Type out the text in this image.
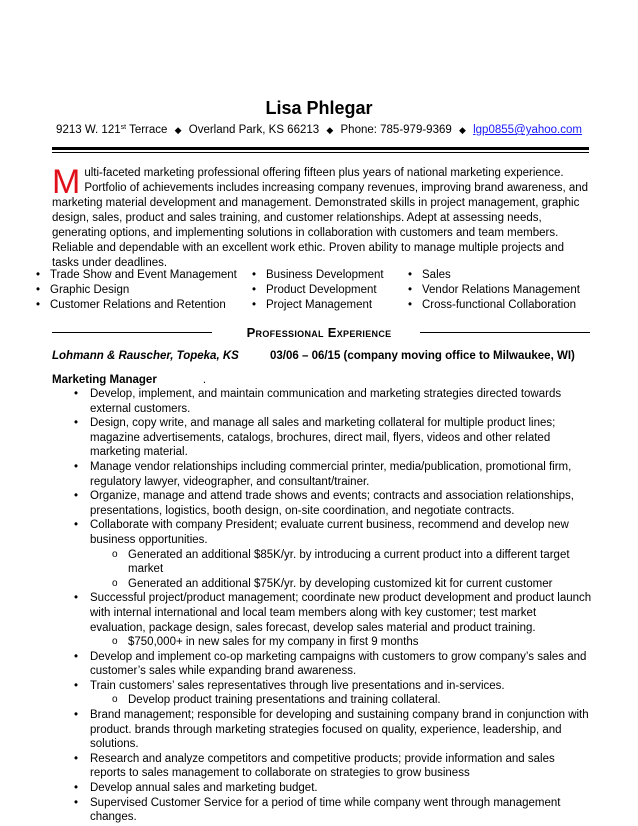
Lisa Phlegar
9213 W. 121st Terrace ◆ Overland Park, KS 66213 ◆ Phone: 785-979-9369 ◆ lgp0855@yahoo.com
Multi-faceted marketing professional offering fifteen plus years of national marketing experience. Portfolio of achievements includes increasing company revenues, improving brand awareness, and marketing material development and management. Demonstrated skills in project management, graphic design, sales, product and sales training, and customer relationships. Adept at assessing needs, generating options, and implementing solutions in collaboration with customers and team members. Reliable and dependable with an excellent work ethic. Proven ability to manage multiple projects and tasks under deadlines.
• Trade Show and Event Management
• Graphic Design
• Customer Relations and Retention
• Business Development
• Product Development
• Project Management
• Sales
• Vendor Relations Management
• Cross-functional Collaboration
Professional Experience
Lohmann & Rauscher, Topeka, KS	03/06 – 06/15 (company moving office to Milwaukee, WI)
Marketing Manager	.
• Develop, implement, and maintain communication and marketing strategies directed towards external customers.
• Design, copy write, and manage all sales and marketing collateral for multiple product lines; magazine advertisements, catalogs, brochures, direct mail, flyers, videos and other related marketing material.
• Manage vendor relationships including commercial printer, media/publication, promotional firm, regulatory lawyer, videographer, and consultant/trainer.
• Organize, manage and attend trade shows and events; contracts and association relationships, presentations, logistics, booth design, on-site coordination, and negotiate contracts.
• Collaborate with company President; evaluate current business, recommend and develop new business opportunities.
o Generated an additional $85K/yr. by introducing a current product into a different target market
o Generated an additional $75K/yr. by developing customized kit for current customer
• Successful project/product management; coordinate new product development and product launch with internal international and local team members along with key customer; test market evaluation, package design, sales forecast, develop sales material and product training.
o $750,000+ in new sales for my company in first 9 months
• Develop and implement co-op marketing campaigns with customers to grow company’s sales and customer’s sales while expanding brand awareness.
• Train customers’ sales representatives through live presentations and in-services.
o Develop product training presentations and training collateral.
• Brand management; responsible for developing and sustaining company brand in conjunction with product. brands through marketing strategies focused on quality, experience, leadership, and solutions.
• Research and analyze competitors and competitive products; provide information and sales reports to sales management to collaborate on strategies to grow business
• Develop annual sales and marketing budget.
• Supervised Customer Service for a period of time while company went through management changes.
